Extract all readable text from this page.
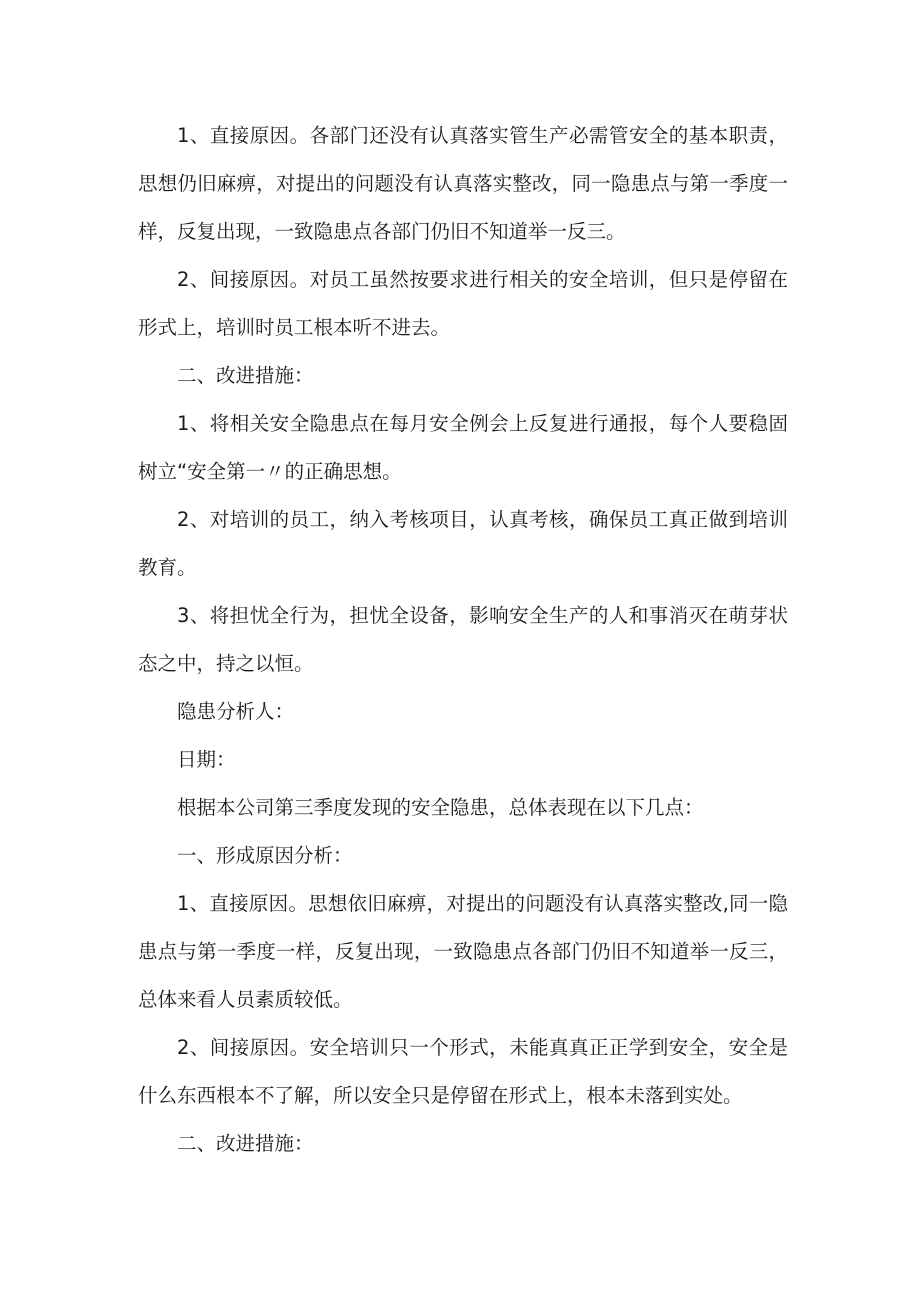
1、直接原因。各部门还没有认真落实管生产必需管安全的基本职责，思想仍旧麻痹，对提出的问题没有认真落实整改，同一隐患点与第一季度一样，反复出现，一致隐患点各部门仍旧不知道举一反三。

2、间接原因。对员工虽然按要求进行相关的安全培训，但只是停留在形式上，培训时员工根本听不进去。

二、改进措施：

1、将相关安全隐患点在每月安全例会上反复进行通报，每个人要稳固树立“安全第一〃的正确思想。

2、对培训的员工，纳入考核项目，认真考核，确保员工真正做到培训教育。

3、将担忧全行为，担忧全设备，影响安全生产的人和事消灭在萌芽状态之中，持之以恒。

隐患分析人：

日期：

根据本公司第三季度发现的安全隐患，总体表现在以下几点：

一、形成原因分析：

1、直接原因。思想依旧麻痹，对提出的问题没有认真落实整改,同一隐患点与第一季度一样，反复出现，一致隐患点各部门仍旧不知道举一反三，总体来看人员素质较低。

2、间接原因。安全培训只一个形式，未能真真正正学到安全，安全是什么东西根本不了解，所以安全只是停留在形式上，根本未落到实处。

二、改进措施：
